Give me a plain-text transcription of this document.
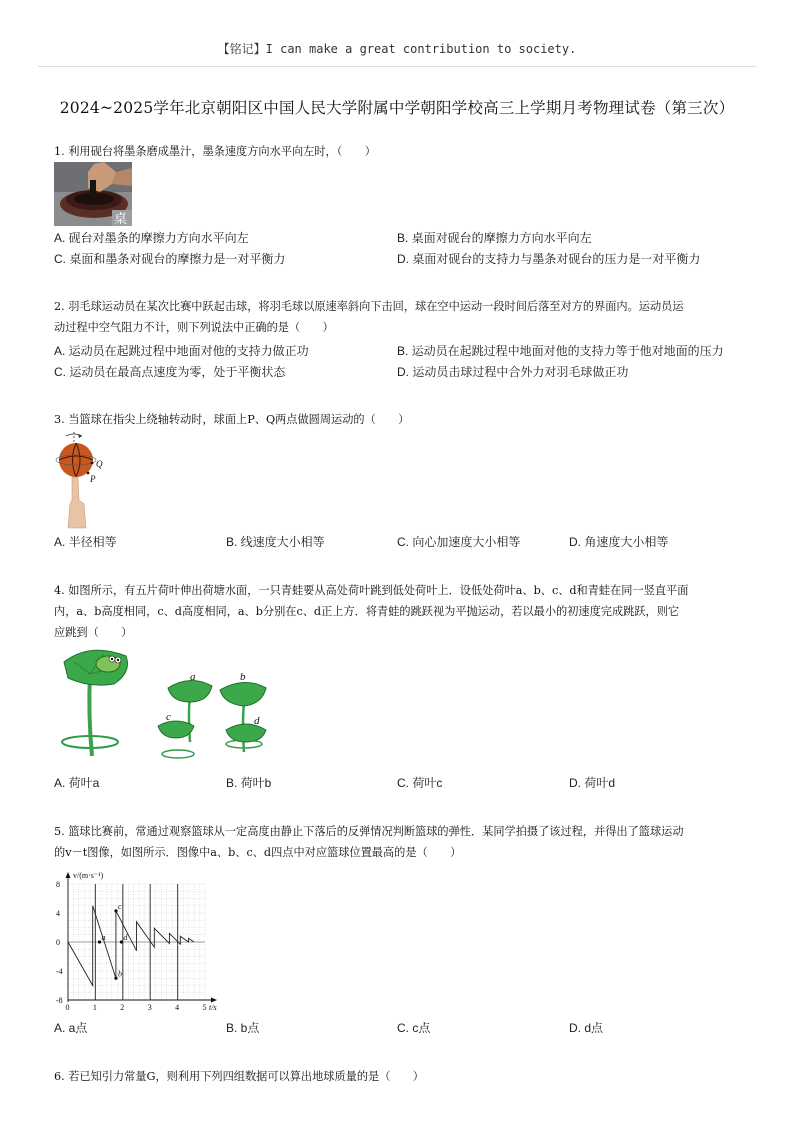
【铭记】I can make a great contribution to society.
2024~2025学年北京朝阳区中国人民大学附属中学朝阳学校高三上学期月考物理试卷（第三次）
1. 利用砚台将墨条磨成墨汁，墨条速度方向水平向左时，（　　）
桌
A. 砚台对墨条的摩擦力方向水平向左	B. 桌面对砚台的摩擦力方向水平向左
C. 桌面和墨条对砚台的摩擦力是一对平衡力	D. 桌面对砚台的支持力与墨条对砚台的压力是一对平衡力
2. 羽毛球运动员在某次比赛中跃起击球，将羽毛球以原速率斜向下击回，球在空中运动一段时间后落至对方的界面内。运动员运
动过程中空气阻力不计，则下列说法中正确的是（　　）
A. 运动员在起跳过程中地面对他的支持力做正功	B. 运动员在起跳过程中地面对他的支持力等于他对地面的压力
C. 运动员在最高点速度为零，处于平衡状态	D. 运动员击球过程中合外力对羽毛球做正功
3. 当篮球在指尖上绕轴转动时，球面上P、Q两点做圆周运动的（　　）
Q
P
A. 半径相等	B. 线速度大小相等	C. 向心加速度大小相等	D. 角速度大小相等
4. 如图所示，有五片荷叶伸出荷塘水面，一只青蛙要从高处荷叶跳到低处荷叶上．设低处荷叶a、b、c、d和青蛙在同一竖直平面
内，a、b高度相同，c、d高度相同，a、b分别在c、d正上方．将青蛙的跳跃视为平抛运动，若以最小的初速度完成跳跃，则它
应跳到（　　）
a
c
b
d
A. 荷叶a	B. 荷叶b	C. 荷叶c	D. 荷叶d
5. 篮球比赛前，常通过观察篮球从一定高度由静止下落后的反弹情况判断篮球的弹性．某同学拍摄了该过程，并得出了篮球运动
的v－t图像，如图所示．图像中a、b、c、d四点中对应篮球位置最高的是（　　）
0	1	2	3	4	5
8
4
0
-4
-8
a
b
c
d
v/(m·s⁻¹)
t/s
A. a点	B. b点	C. c点	D. d点
6. 若已知引力常量G，则利用下列四组数据可以算出地球质量的是（　　）
